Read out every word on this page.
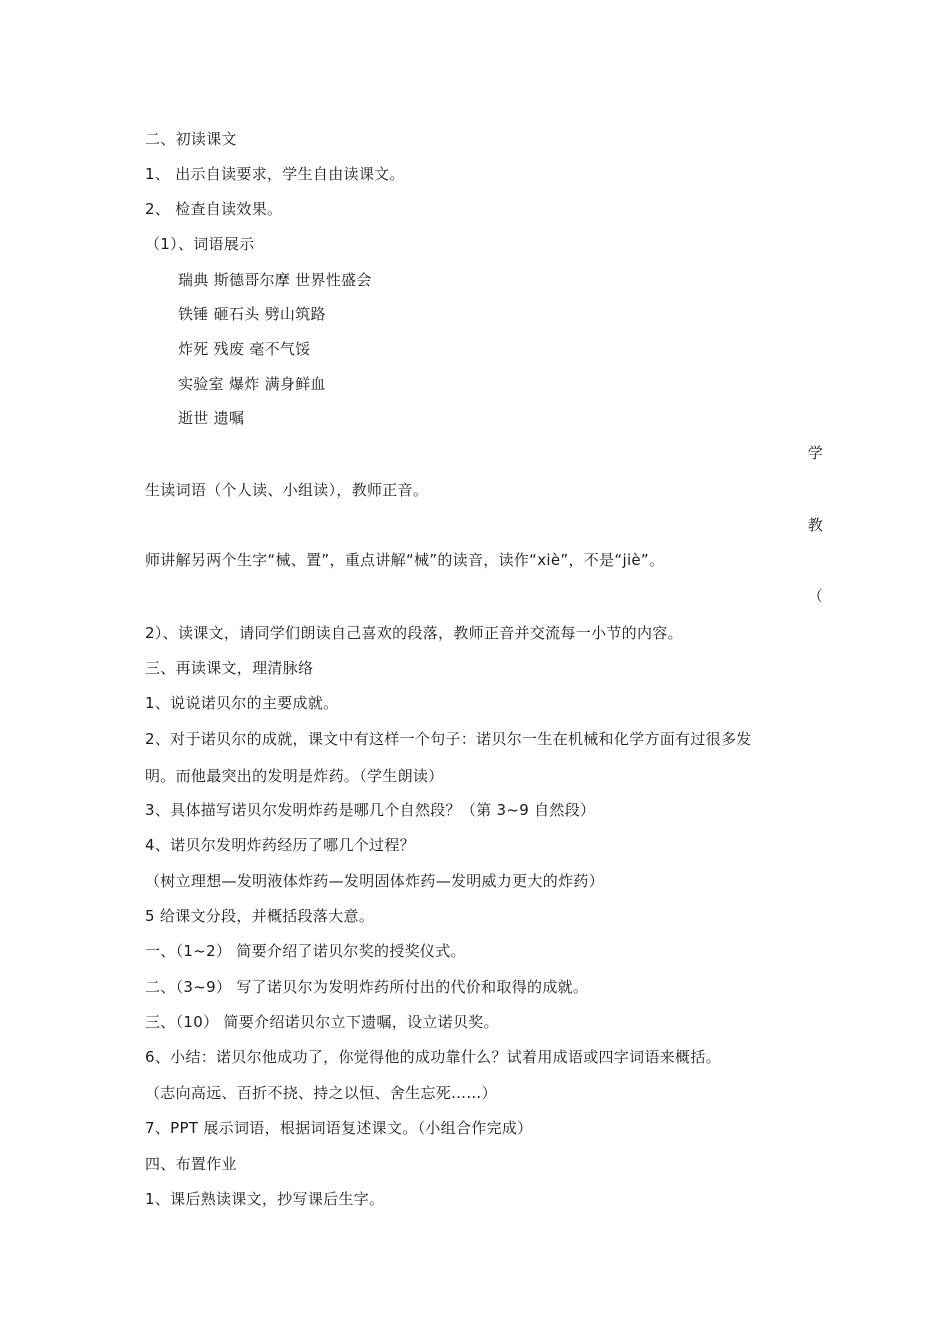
二、初读课文
1、 出示自读要求，学生自由读课文。
2、 检查自读效果。
（1）、词语展示
瑞典 斯德哥尔摩 世界性盛会
铁锤 砸石头 劈山筑路
炸死 残废 毫不气馁
实验室 爆炸 满身鲜血
逝世 遗嘱
学
生读词语（个人读、小组读），教师正音。
教
师讲解另两个生字“械、置”，重点讲解“械”的读音，读作“xiè”，不是“jiè”。
（
2）、读课文，请同学们朗读自己喜欢的段落，教师正音并交流每一小节的内容。
三、再读课文，理清脉络
1、说说诺贝尔的主要成就。
2、对于诺贝尔的成就，课文中有这样一个句子：诺贝尔一生在机械和化学方面有过很多发
明。而他最突出的发明是炸药。（学生朗读）
3、具体描写诺贝尔发明炸药是哪几个自然段？（第 3~9 自然段）
4、诺贝尔发明炸药经历了哪几个过程？
（树立理想—发明液体炸药—发明固体炸药—发明威力更大的炸药）
5 给课文分段，并概括段落大意。
一、（1~2） 简要介绍了诺贝尔奖的授奖仪式。
二、（3~9） 写了诺贝尔为发明炸药所付出的代价和取得的成就。
三、（10） 简要介绍诺贝尔立下遗嘱，设立诺贝奖。
6、小结：诺贝尔他成功了，你觉得他的成功靠什么？试着用成语或四字词语来概括。
（志向高远、百折不挠、持之以恒、舍生忘死……）
7、PPT 展示词语，根据词语复述课文。（小组合作完成）
四、布置作业
1、课后熟读课文，抄写课后生字。
